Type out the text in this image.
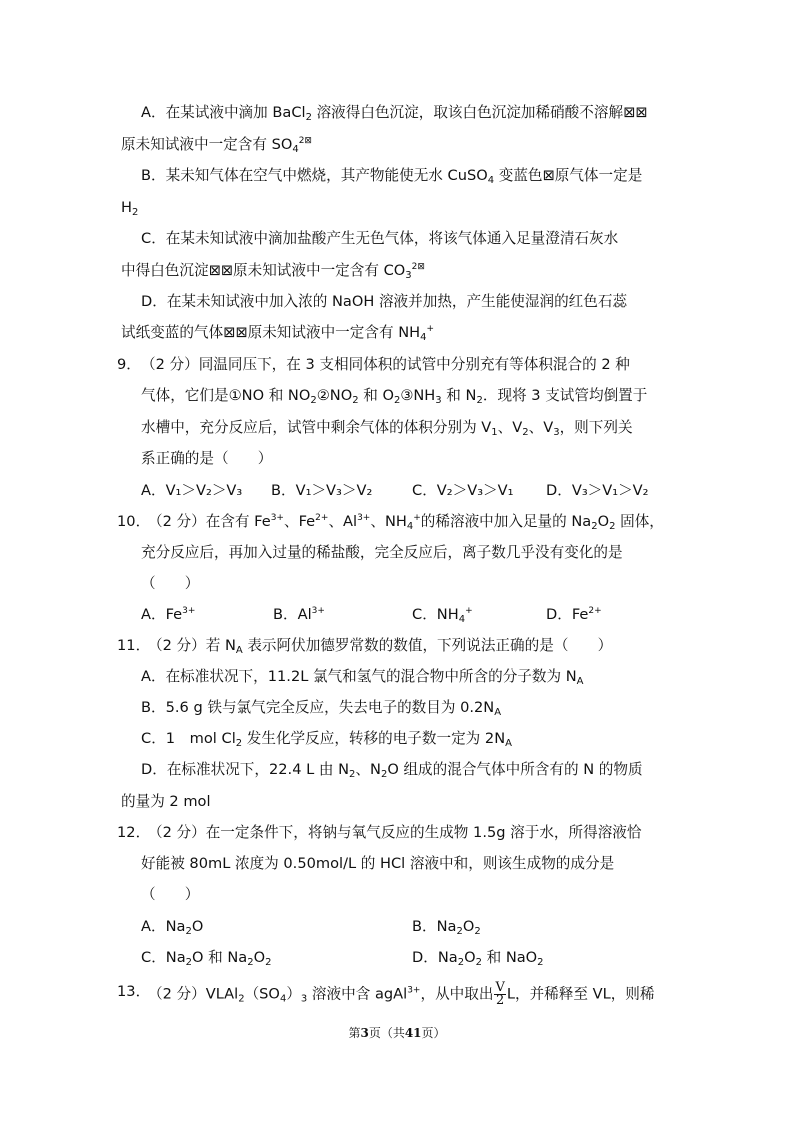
A．在某试液中滴加 BaCl$_2$ 溶液得白色沉淀，取该白色沉淀加稀硝酸不溶解⊠⊠
原未知试液中一定含有 $SO_4^{2⊠}$
B．某未知气体在空气中燃烧，其产物能使无水 CuSO$_4$ 变蓝色⊠原气体一定是
$H_2$
C．在某未知试液中滴加盐酸产生无色气体，将该气体通入足量澄清石灰水
中得白色沉淀⊠⊠原未知试液中一定含有 $CO_3^{2⊠}$
D．在某未知试液中加入浓的 NaOH 溶液并加热，产生能使湿润的红色石蕊
试纸变蓝的气体⊠⊠原未知试液中一定含有 $NH_4^+$
9． （2 分）同温同压下，在 3 支相同体积的试管中分别充有等体积混合的 2 种
气体，它们是①NO 和 $NO_2②NO_2$ 和 $O_2③NH_3$ 和 $N_2$．现将 3 支试管均倒置于
水槽中，充分反应后，试管中剩余气体的体积分别为 $V_1$、$V_2$、$V_3$，则下列关
系正确的是（　　）
A．V₁＞V₂＞V₃ B．V₁＞V₃＞V₂	C．V₂＞V₃＞V₁ D．V₃＞V₁＞V₂
10．
（2 分）在含有 $Fe^{3+}$、$Fe^{2+}$、$Al^{3+}$、$NH_4^+$的稀溶液中加入足量的 $Na_2O_2$ 固体，
充分反应后，再加入过量的稀盐酸，完全反应后，离子数几乎没有变化的是
（　　）
A．$Fe^{3+}$	B．$Al^{3+}$	C．$NH_4^+$	D．$Fe^{2+}$
11．
（2 分）若 $N_A$ 表示阿伏加德罗常数的数值，下列说法正确的是（　　）
A．在标准状况下，11.2L 氯气和氢气的混合物中所含的分子数为 $N_A$
B．5.6 g 铁与氯气完全反应，失去电子的数目为 $0.2N_A$
C．1　mol $Cl_2$ 发生化学反应，转移的电子数一定为 $2N_A$
D．在标准状况下，22.4 L 由 $N_2$、$N_2O$ 组成的混合气体中所含有的 N 的物质
的量为 2 mol
12．
（2 分）在一定条件下，将钠与氧气反应的生成物 1.5g 溶于水，所得溶液恰
好能被 80mL 浓度为 0.50mol/L 的 HCl 溶液中和，则该生成物的成分是
（　　）
A．$Na_2O$	B．$Na_2O_2$
C．$Na_2O$ 和 $Na_2O_2$	D．$Na_2O_2$ 和 NaO$_2$
13．
（2 分）$VLAl_2(SO_4)_3$ 溶液中含 agAl$^{3+}$，从中取出 $\frac{V}{2}$ L，并稀释至 VL，则稀
第3页（共41页）
